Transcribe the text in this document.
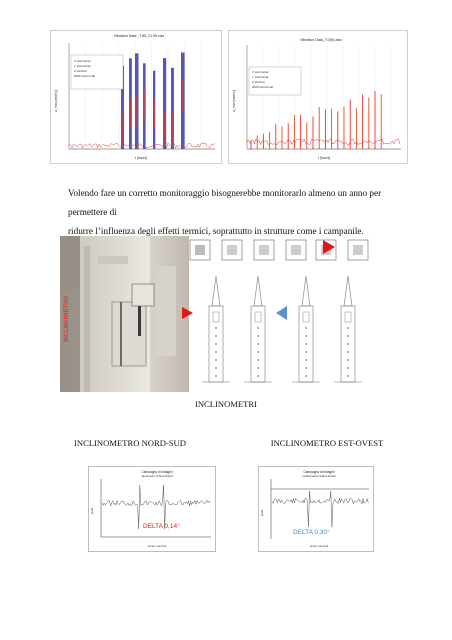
Vibration Data _T.85_21.05.xlsx
X Horizontal
Y Horizontal
Z Vertical
RMS Horizontal
t [hours]
a_rms [mm/s²]
Vibration Data_T.0(N).xlsx
X Horizontal
Y Horizontal
Z Vertical
RMS Horizontal
t [hours]
a_rms [mm/s²]
Volendo fare un corretto monitoraggio bisognerebbe monitorarlo almeno un anno per permettere di
ridurre l’influenza degli effetti termici, soprattutto in strutture come i campanile.
INCLINOMETRO
INCLINOMETRI
INCLINOMETRO NORD-SUD	INCLINOMETRO EST-OVEST
Campagna di Indagini
clinometro 3 Sud-Ovest
tempo secondi
gradi
DELTA 0,14°
Campagna di Indagini
inclinometro S-Est-Ovest
tempo secondi
gradi
DELTA 0,30°
